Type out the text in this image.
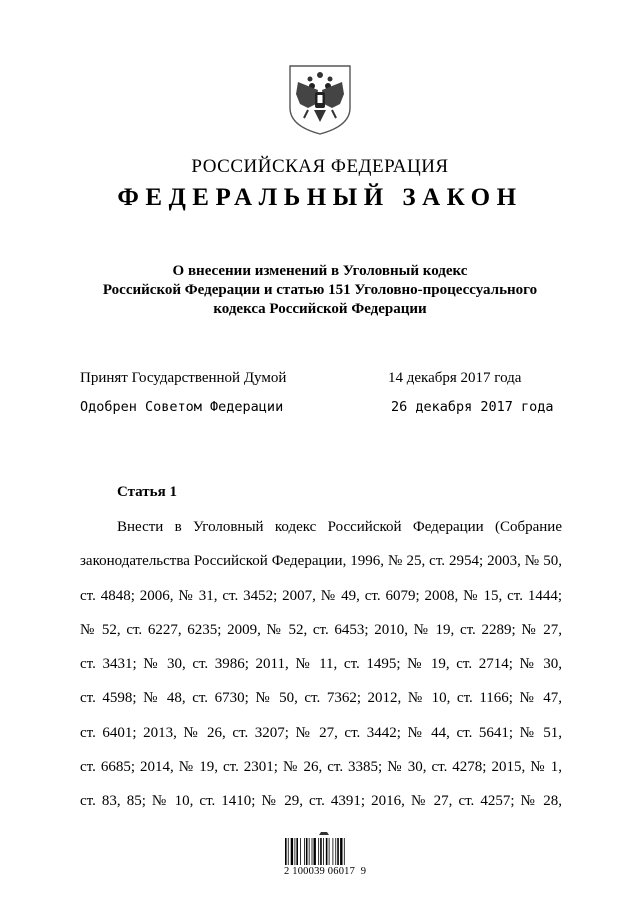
РОССИЙСКАЯ ФЕДЕРАЦИЯ
ФЕДЕРАЛЬНЫЙ ЗАКОН
О внесении изменений в Уголовный кодекс
Российской Федерации и статью 151 Уголовно-процессуального
кодекса Российской Федерации
Принят Государственной Думой	14 декабря 2017 года
Одобрен Советом Федерации	26 декабря 2017 года
Статья 1
Внести в Уголовный кодекс Российской Федерации (Собрание
законодательства Российской Федерации, 1996, № 25, ст. 2954; 2003, № 50,
ст. 4848; 2006, № 31, ст. 3452; 2007, № 49, ст. 6079; 2008, № 15, ст. 1444;
№ 52, ст. 6227, 6235; 2009, № 52, ст. 6453; 2010, № 19, ст. 2289; № 27,
ст. 3431; № 30, ст. 3986; 2011, № 11, ст. 1495; № 19, ст. 2714; № 30,
ст. 4598; № 48, ст. 6730; № 50, ст. 7362; 2012, № 10, ст. 1166; № 47,
ст. 6401; 2013, № 26, ст. 3207; № 27, ст. 3442; № 44, ст. 5641; № 51,
ст. 6685; 2014, № 19, ст. 2301; № 26, ст. 3385; № 30, ст. 4278; 2015, № 1,
ст. 83, 85; № 10, ст. 1410; № 29, ст. 4391; 2016, № 27, ст. 4257; № 28,
2 100039 06017  9
